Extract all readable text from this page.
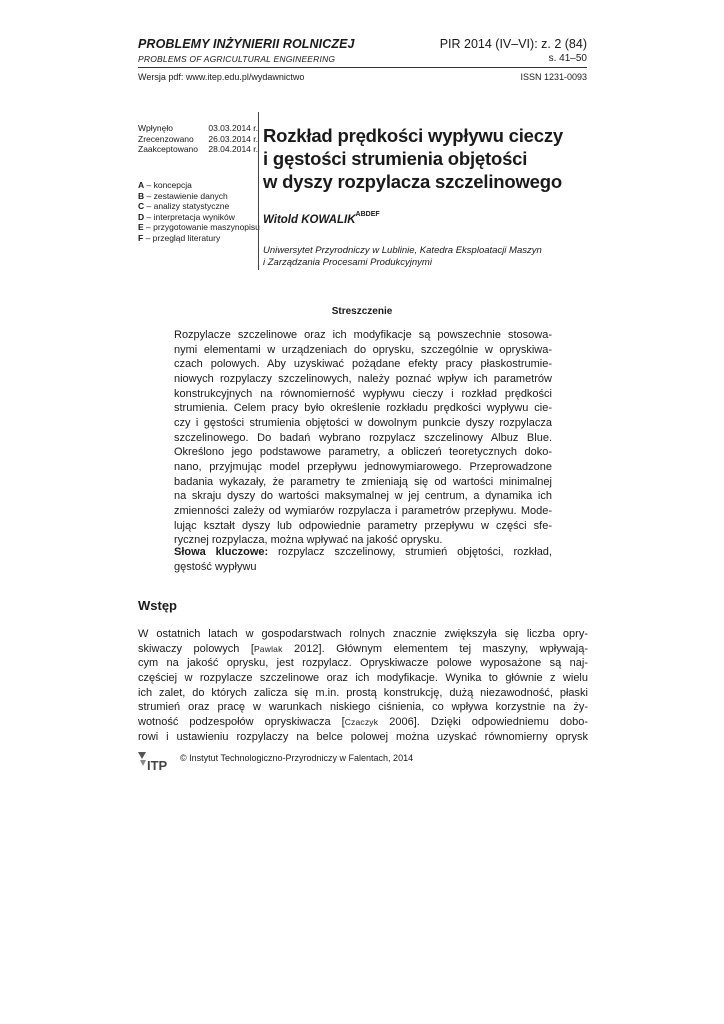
PROBLEMY INŻYNIERII ROLNICZEJ
PROBLEMS OF AGRICULTURAL ENGINEERING
PIR 2014 (IV–VI): z. 2 (84)
s. 41–50
Wersja pdf: www.itep.edu.pl/wydawnictwo	ISSN 1231-0093
Wpłynęło	03.03.2014 r.
Zrecenzowano 26.03.2014 r.
Zaakceptowano 28.04.2014 r.
A – koncepcja
B – zestawienie danych
C – analizy statystyczne
D – interpretacja wyników
E – przygotowanie maszynopisu
F – przegląd literatury
Rozkład prędkości wypływu cieczy
i gęstości strumienia objętości
w dyszy rozpylacza szczelinowego
Witold $KOWALIK^{ABDEF}$
Uniwersytet Przyrodniczy w Lublinie, Katedra Eksploatacji Maszyn
i Zarządzania Procesami Produkcyjnymi
Streszczenie
Rozpylacze szczelinowe oraz ich modyfikacje są powszechnie stosowa-
nymi elementami w urządzeniach do oprysku, szczególnie w opryskiwa-
czach polowych. Aby uzyskiwać pożądane efekty pracy płaskostrumie-
niowych rozpylaczy szczelinowych, należy poznać wpływ ich parametrów
konstrukcyjnych na równomierność wypływu cieczy i rozkład prędkości
strumienia. Celem pracy było określenie rozkładu prędkości wypływu cie-
czy i gęstości strumienia objętości w dowolnym punkcie dyszy rozpylacza
szczelinowego. Do badań wybrano rozpylacz szczelinowy Albuz Blue.
Określono jego podstawowe parametry, a obliczeń teoretycznych doko-
nano, przyjmując model przepływu jednowymiarowego. Przeprowadzone
badania wykazały, że parametry te zmieniają się od wartości minimalnej
na skraju dyszy do wartości maksymalnej w jej centrum, a dynamika ich
zmienności zależy od wymiarów rozpylacza i parametrów przepływu. Mode-
lując kształt dyszy lub odpowiednie parametry przepływu w części sfe-
rycznej rozpylacza, można wpływać na jakość oprysku.
Słowa kluczowe: rozpylacz szczelinowy, strumień objętości, rozkład,
gęstość wypływu
Wstęp
W ostatnich latach w gospodarstwach rolnych znacznie zwiększyła się liczba opry-
skiwaczy polowych [Pawlak 2012]. Głównym elementem tej maszyny, wpływają-
cym na jakość oprysku, jest rozpylacz. Opryskiwacze polowe wyposażone są naj-
częściej w rozpylacze szczelinowe oraz ich modyfikacje. Wynika to głównie z wielu
ich zalet, do których zalicza się m.in. prostą konstrukcję, dużą niezawodność, płaski
strumień oraz pracę w warunkach niskiego ciśnienia, co wpływa korzystnie na ży-
wotność podzespołów opryskiwacza [Czaczyk 2006]. Dzięki odpowiedniemu dobo-
rowi i ustawieniu rozpylaczy na belce polowej można uzyskać równomierny oprysk
ITP © Instytut Technologiczno-Przyrodniczy w Falentach, 2014
